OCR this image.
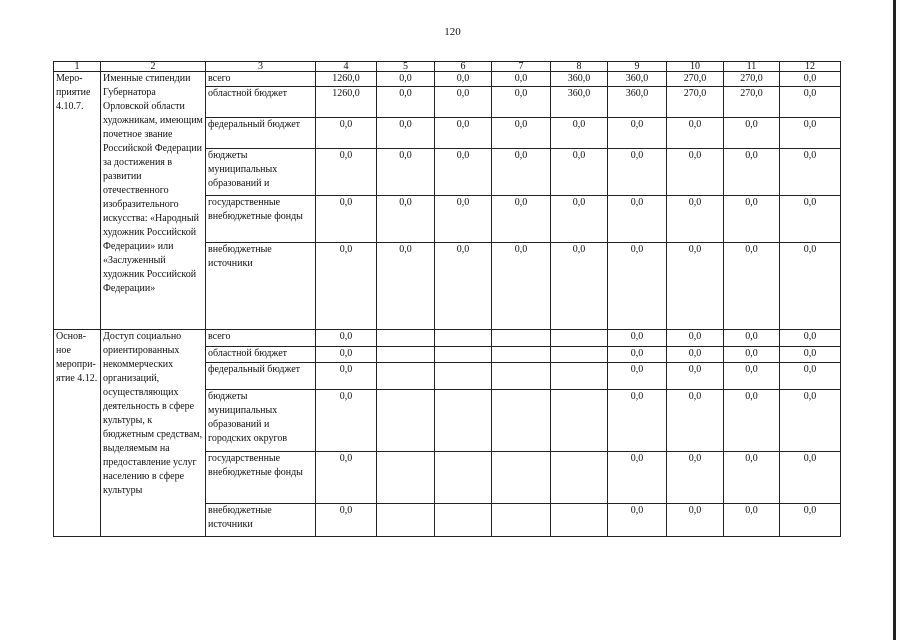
120
1	2	3	4	5	6	7	8	9	10	11	12
Меро-приятие 4.10.7.	Именные стипендии Губернатора Орловской области художникам, имеющим почетное звание Российской Федерации за достижения в развитии отечественного изобразительного искусства: «Народный художник Российской Федерации» или «Заслуженный художник Российской Федерации»	всего	1260,0	0,0	0,0	0,0	360,0	360,0	270,0	270,0	0,0
		областной бюджет	1260,0	0,0	0,0	0,0	360,0	360,0	270,0	270,0	0,0
		федеральный бюджет	0,0	0,0	0,0	0,0	0,0	0,0	0,0	0,0	0,0
		бюджеты муниципальных образований и	0,0	0,0	0,0	0,0	0,0	0,0	0,0	0,0	0,0
		государственные внебюджетные фонды	0,0	0,0	0,0	0,0	0,0	0,0	0,0	0,0	0,0
		внебюджетные источники	0,0	0,0	0,0	0,0	0,0	0,0	0,0	0,0	0,0
Основ-ное меропри-ятие 4.12.	Доступ социально ориентированных некоммерческих организаций, осуществляющих деятельность в сфере культуры, к бюджетным средствам, выделяемым на предоставление услуг населению в сфере культуры	всего	0,0					0,0	0,0	0,0	0,0
		областной бюджет	0,0					0,0	0,0	0,0	0,0
		федеральный бюджет	0,0					0,0	0,0	0,0	0,0
		бюджеты муниципальных образований и городских округов	0,0					0,0	0,0	0,0	0,0
		государственные внебюджетные фонды	0,0					0,0	0,0	0,0	0,0
		внебюджетные источники	0,0					0,0	0,0	0,0	0,0
